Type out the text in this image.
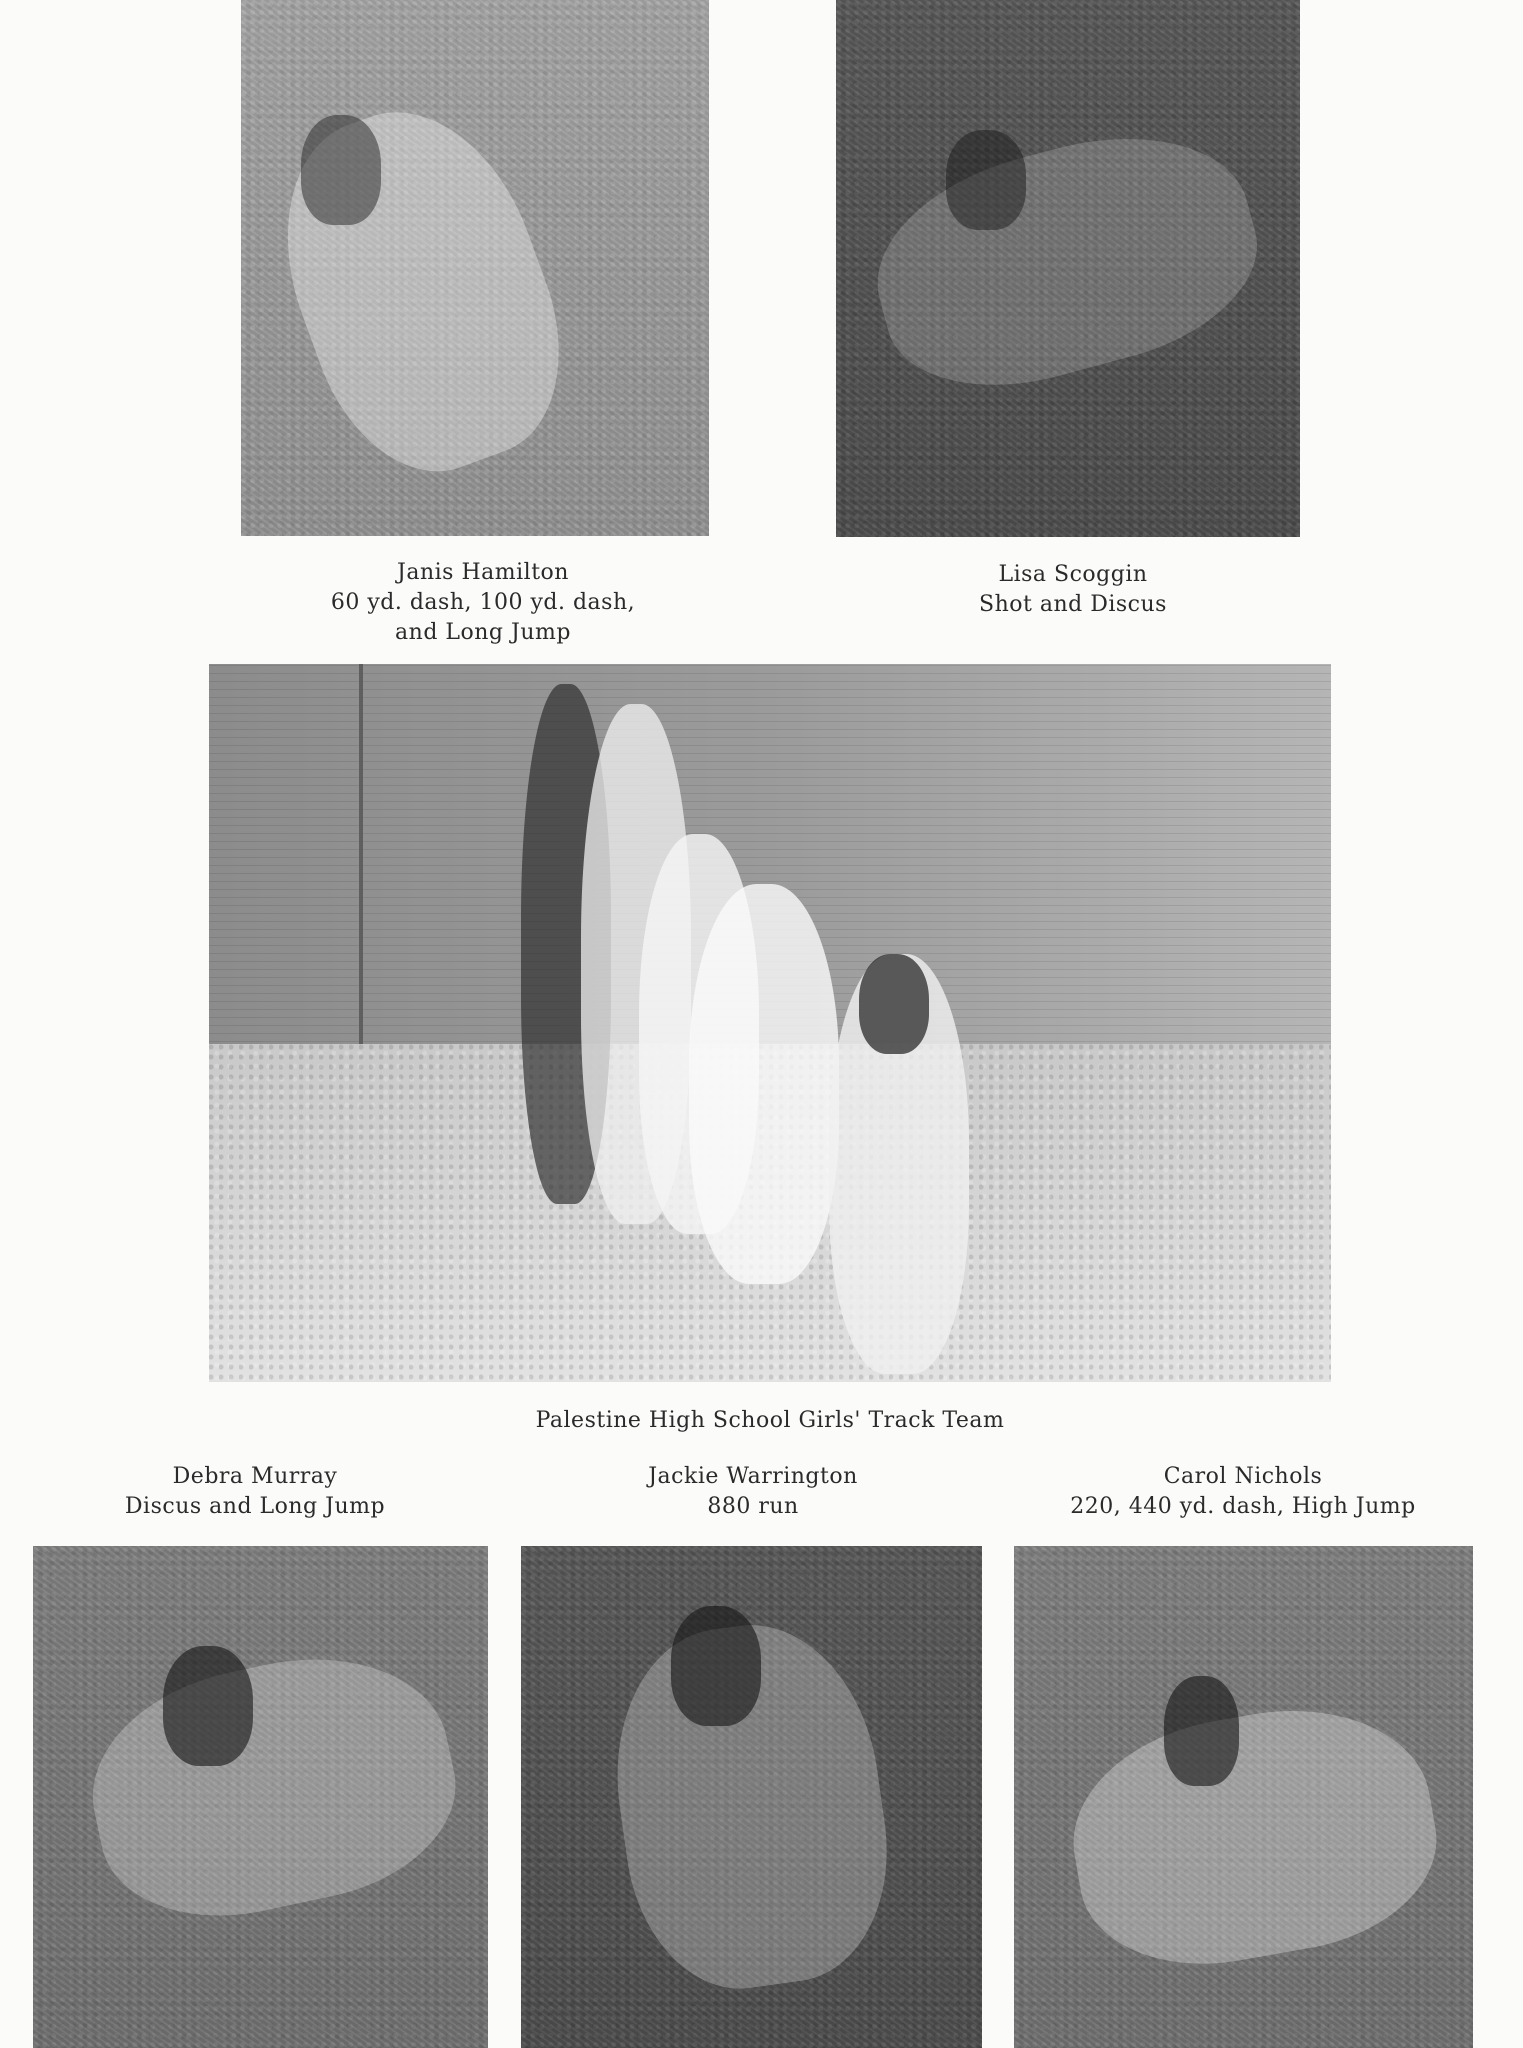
Janis Hamilton
60 yd. dash, 100 yd. dash,
and Long Jump
Lisa Scoggin
Shot and Discus
Palestine High School Girls' Track Team
Debra Murray
Discus and Long Jump
Jackie Warrington
880 run
Carol Nichols
220, 440 yd. dash, High Jump
